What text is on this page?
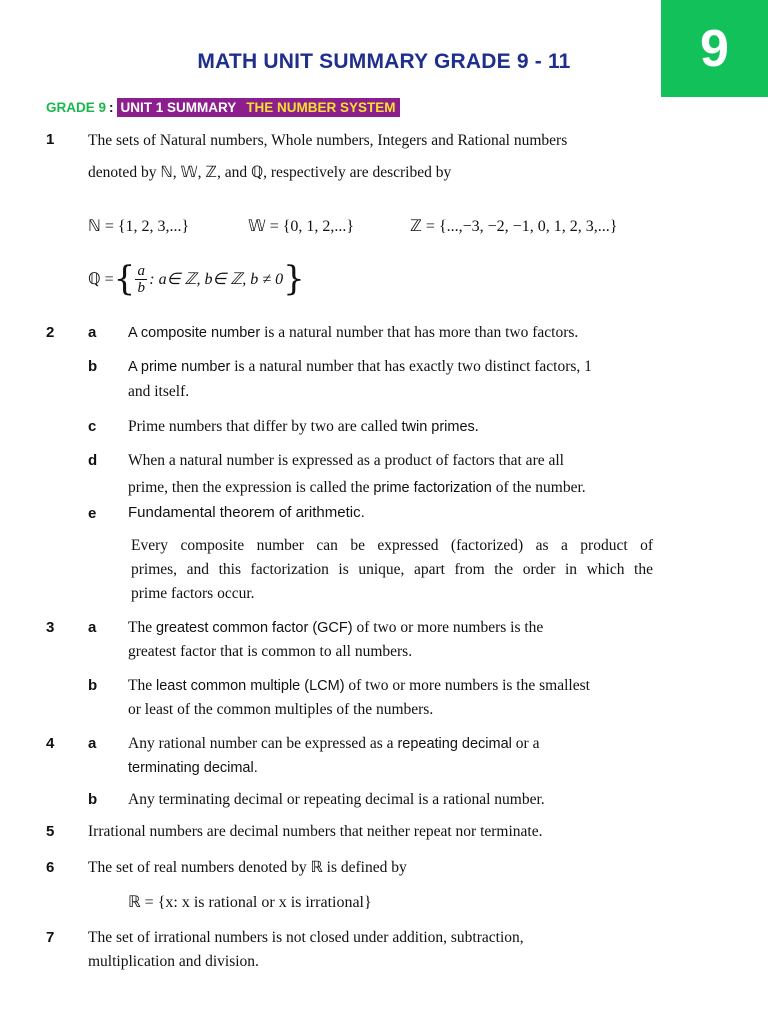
MATH UNIT SUMMARY GRADE 9 - 11	9
GRADE 9 : UNIT 1 SUMMARY THE NUMBER SYSTEM
1 The sets of Natural numbers, Whole numbers, Integers and Rational numbers
denoted by ℕ, 𝕎, ℤ, and ℚ, respectively are described by
ℕ = {1, 2, 3,...}	𝕎 = {0, 1, 2,...}	ℤ = {...,−3, −2, −1, 0, 1, 2, 3,...}
ℚ = { $\frac{a}{b}$ : a∈ ℤ, b∈ ℤ, b ≠ 0 }
2 a A composite number is a natural number that has more than two factors.
b A prime number is a natural number that has exactly two distinct factors, 1
and itself.
c Prime numbers that differ by two are called twin primes.
d When a natural number is expressed as a product of factors that are all
prime, then the expression is called the prime factorization of the number.
e Fundamental theorem of arithmetic.
Every composite number can be expressed (factorized) as a product of
primes, and this factorization is unique, apart from the order in which the
prime factors occur.
3 a The greatest common factor (GCF) of two or more numbers is the
greatest factor that is common to all numbers.
b The least common multiple (LCM) of two or more numbers is the smallest
or least of the common multiples of the numbers.
4 a Any rational number can be expressed as a repeating decimal or a
terminating decimal.
b Any terminating decimal or repeating decimal is a rational number.
5 Irrational numbers are decimal numbers that neither repeat nor terminate.
6 The set of real numbers denoted by ℝ is defined by
ℝ = {x: x is rational or x is irrational}
7 The set of irrational numbers is not closed under addition, subtraction,
multiplication and division.
